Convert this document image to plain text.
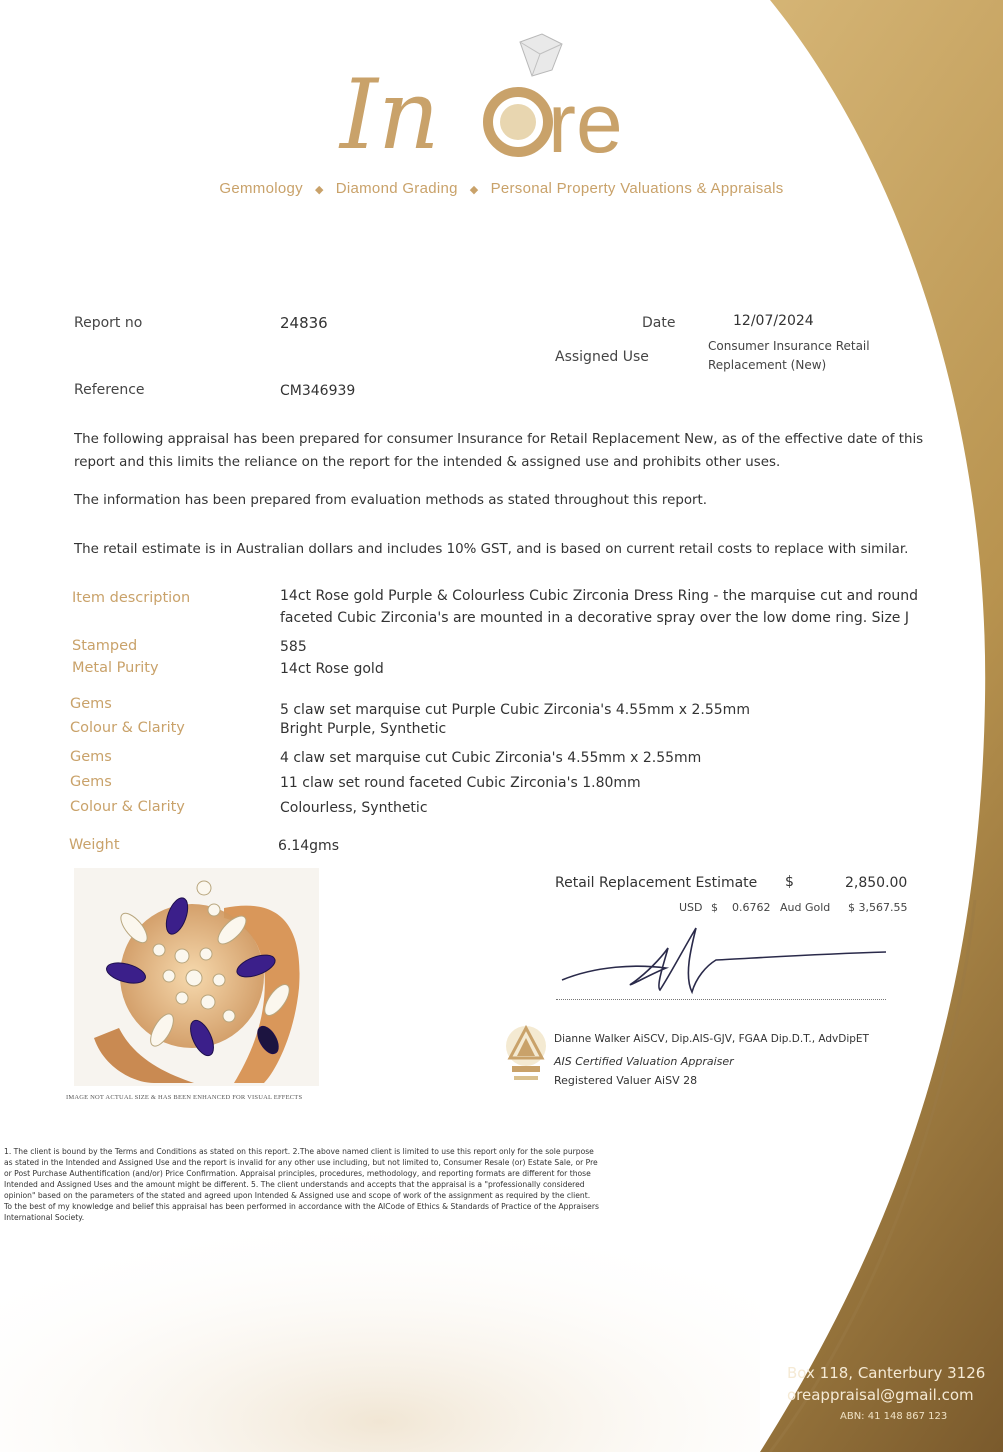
In re
Gemmology ◆ Diamond Grading ◆ Personal Property Valuations & Appraisals
Report no	24836	Date	12/07/2024
Assigned Use
Consumer Insurance Retail
Replacement (New)
Reference	CM346939
The following appraisal has been prepared for consumer Insurance for Retail Replacement New, as of the effective date of this
report and this limits the reliance on the report for the intended & assigned use and prohibits other uses.
The information has been prepared from evaluation methods as stated throughout this report.
The retail estimate is in Australian dollars and includes 10% GST, and is based on current retail costs to replace with similar.
Item description	14ct Rose gold Purple & Colourless Cubic Zirconia Dress Ring - the marquise cut and round
faceted Cubic Zirconia's are mounted in a decorative spray over the low dome ring. Size J
Stamped	585
Metal Purity	14ct Rose gold
Gems	5 claw set marquise cut Purple Cubic Zirconia's 4.55mm x 2.55mm
Colour & Clarity	Bright Purple, Synthetic
Gems	4 claw set marquise cut Cubic Zirconia's 4.55mm x 2.55mm
Gems	11 claw set round faceted Cubic Zirconia's 1.80mm
Colour & Clarity	Colourless, Synthetic
Weight	6.14gms
IMAGE NOT ACTUAL SIZE & HAS BEEN ENHANCED FOR VISUAL EFFECTS
Retail Replacement Estimate $	2,850.00
USD $ 0.6762 Aud Gold $ 3,567.55
Dianne Walker AiSCV, Dip.AIS-GJV, FGAA Dip.D.T., AdvDipET
AIS Certified Valuation Appraiser
Registered Valuer AiSV 28
1. The client is bound by the Terms and Conditions as stated on this report. 2.The above named client is limited to use this report only for the sole purpose
as stated in the Intended and Assigned Use and the report is invalid for any other use including, but not limited to, Consumer Resale (or) Estate Sale, or Pre
or Post Purchase Authentification (and/or) Price Confirmation. Appraisal principles, procedures, methodology, and reporting formats are different for those
Intended and Assigned Uses and the amount might be different. 5. The client understands and accepts that the appraisal is a "professionally considered
opinion" based on the parameters of the stated and agreed upon Intended & Assigned use and scope of work of the assignment as required by the client.
To the best of my knowledge and belief this appraisal has been performed in accordance with the AICode of Ethics & Standards of Practice of the Appraisers
International Society.
Box 118, Canterbury 3126
oreappraisal@gmail.com
ABN: 41 148 867 123
